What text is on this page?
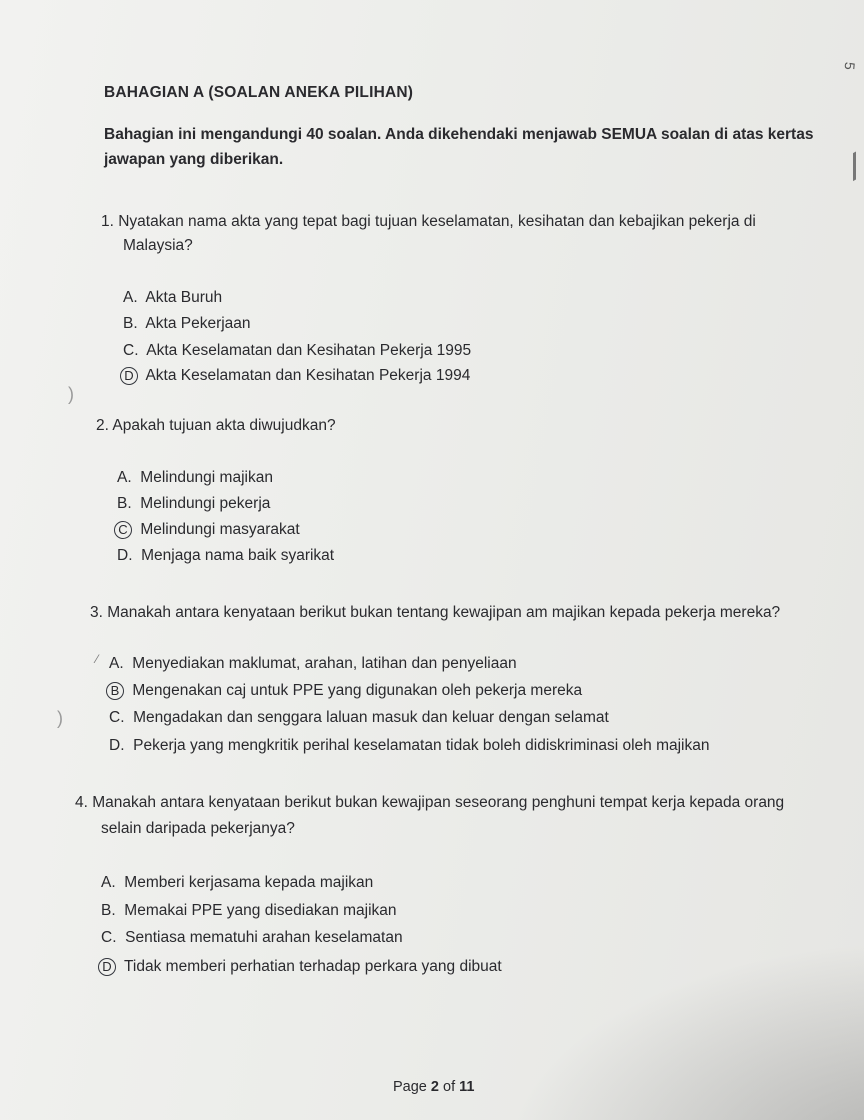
5
BAHAGIAN A (SOALAN ANEKA PILIHAN)
Bahagian ini mengandungi 40 soalan. Anda dikehendaki menjawab SEMUA soalan di atas kertas
jawapan yang diberikan.
1. Nyatakan nama akta yang tepat bagi tujuan keselamatan, kesihatan dan kebajikan pekerja di
Malaysia?
A. Akta Buruh
B. Akta Pekerjaan
C. Akta Keselamatan dan Kesihatan Pekerja 1995
D Akta Keselamatan dan Kesihatan Pekerja 1994
)
2. Apakah tujuan akta diwujudkan?
A. Melindungi majikan
B. Melindungi pekerja
C Melindungi masyarakat
D. Menjaga nama baik syarikat
3. Manakah antara kenyataan berikut bukan tentang kewajipan am majikan kepada pekerja mereka?
A. Menyediakan maklumat, arahan, latihan dan penyeliaan
B Mengenakan caj untuk PPE yang digunakan oleh pekerja mereka
C. Mengadakan dan senggara laluan masuk dan keluar dengan selamat
D. Pekerja yang mengkritik perihal keselamatan tidak boleh didiskriminasi oleh majikan
)
⁄
4. Manakah antara kenyataan berikut bukan kewajipan seseorang penghuni tempat kerja kepada orang
selain daripada pekerjanya?
A. Memberi kerjasama kepada majikan
B. Memakai PPE yang disediakan majikan
C. Sentiasa mematuhi arahan keselamatan
D Tidak memberi perhatian terhadap perkara yang dibuat
Page 2 of 11
